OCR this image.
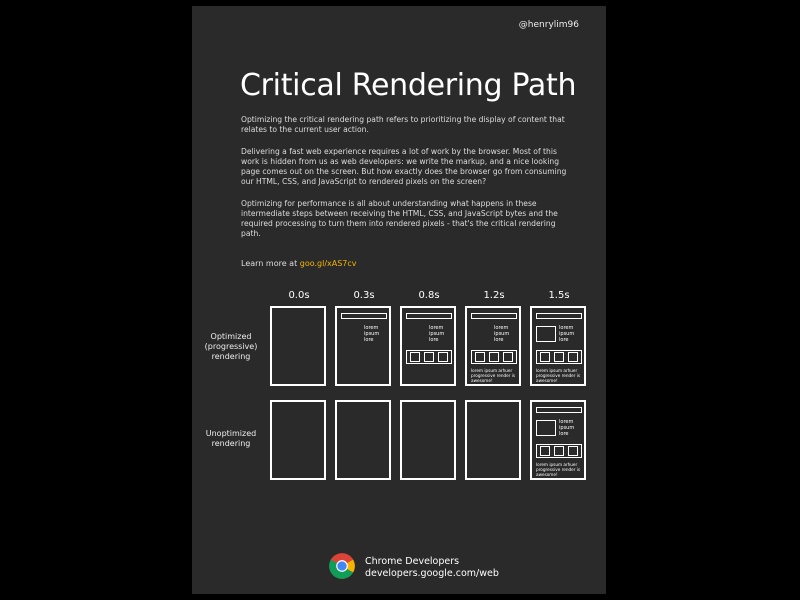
@henrylim96
Critical Rendering Path

Optimizing the critical rendering path refers to prioritizing the display of content that relates to the current user action.

Delivering a fast web experience requires a lot of work by the browser. Most of this work is hidden from us as web developers: we write the markup, and a nice looking page comes out on the screen. But how exactly does the browser go from consuming our HTML, CSS, and JavaScript to rendered pixels on the screen?

Optimizing for performance is all about understanding what happens in these intermediate steps between receiving the HTML, CSS, and JavaScript bytes and the required processing to turn them into rendered pixels - that's the critical rendering path.

Learn more at goo.gl/xAS7cv
0.0s	0.3s	0.8s	1.2s	1.5s
Optimized (progressive) rendering
Unoptimized rendering
lorem
ipsum
lore
lorem
ipsum
lore
lorem
ipsum
lore
lorem ipsum arhuer progressive render is awesome!
lorem
ipsum
lore
lorem ipsum arhuer progressive render is awesome!
lorem
ipsum
lore
lorem ipsum arhuer progressive render is awesome!
Chrome Developers
developers.google.com/web
